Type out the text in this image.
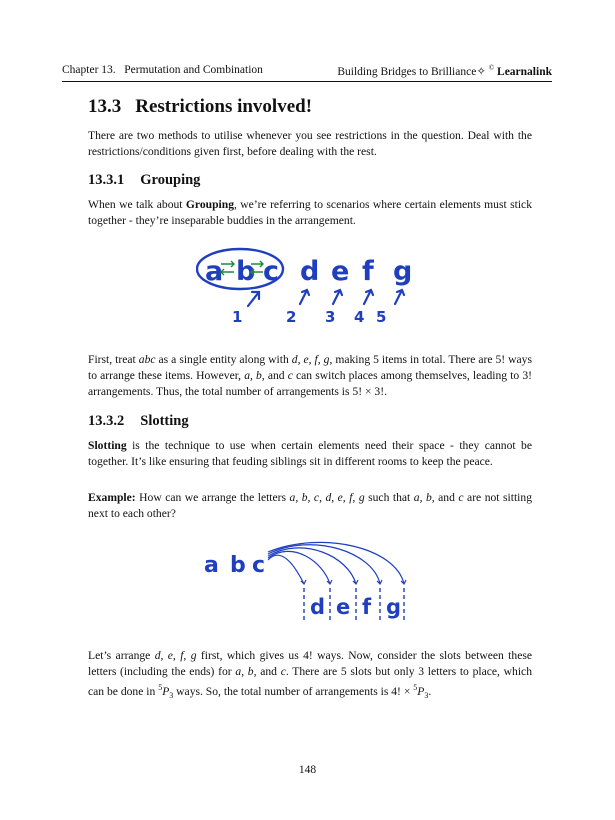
Chapter 13. Permutation and Combination	Building Bridges to Brilliance✧ © Learnalink
13.3 Restrictions involved!
There are two methods to utilise whenever you see restrictions in the question. Deal with the restrictions/conditions given first, before dealing with the rest.
13.3.1 Grouping
When we talk about Grouping, we’re referring to scenarios where certain elements must stick together - they’re inseparable buddies in the arrangement.
a b c d e f g
1	2 3 4 5
First, treat abc as a single entity along with d, e, f, g, making 5 items in total. There are 5! ways to arrange these items. However, a, b, and c can switch places among themselves, leading to 3! arrangements. Thus, the total number of arrangements is 5! × 3!.
13.3.2 Slotting
Slotting is the technique to use when certain elements need their space - they cannot be together. It’s like ensuring that feuding siblings sit in different rooms to keep the peace.
Example: How can we arrange the letters a, b, c, d, e, f, g such that a, b, and c are not sitting next to each other?
a b c
d e f g
Let’s arrange d, e, f, g first, which gives us 4! ways. Now, consider the slots between these letters (including the ends) for a, b, and c. There are 5 slots but only 3 letters to place, which can be done in $^5P_3$ ways. So, the total number of arrangements is 4! × $^5P_3$.
148
